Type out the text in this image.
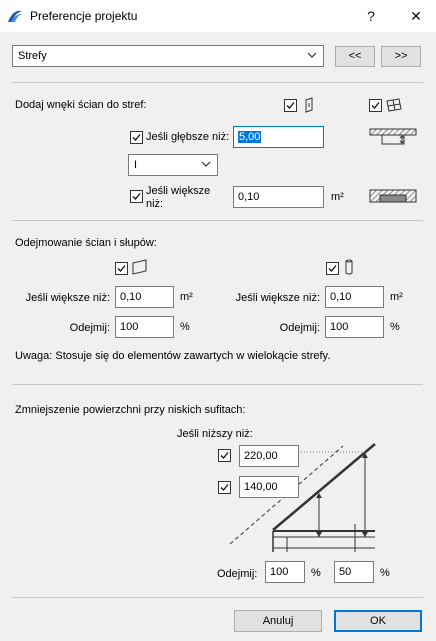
Preferencje projektu	?	✕
Strefy	<<	>>
Dodaj wnęki ścian do stref:
Jeśli głębsze niż: 5,00
I
Jeśli większe
niż:
0,10	m²
Odejmowanie ścian i słupów:
Jeśli większe niż: 0,10	m²	Jeśli większe niż: 0,10	m²
Odejmij: 100	%	Odejmij: 100	%
Uwaga: Stosuje się do elementów zawartych w wielokącie strefy.
Zmniejszenie powierzchni przy niskich sufitach:
Jeśli niższy niż:
220,00
140,00
Odejmij:	100	%	50	%
Anuluj	OK
